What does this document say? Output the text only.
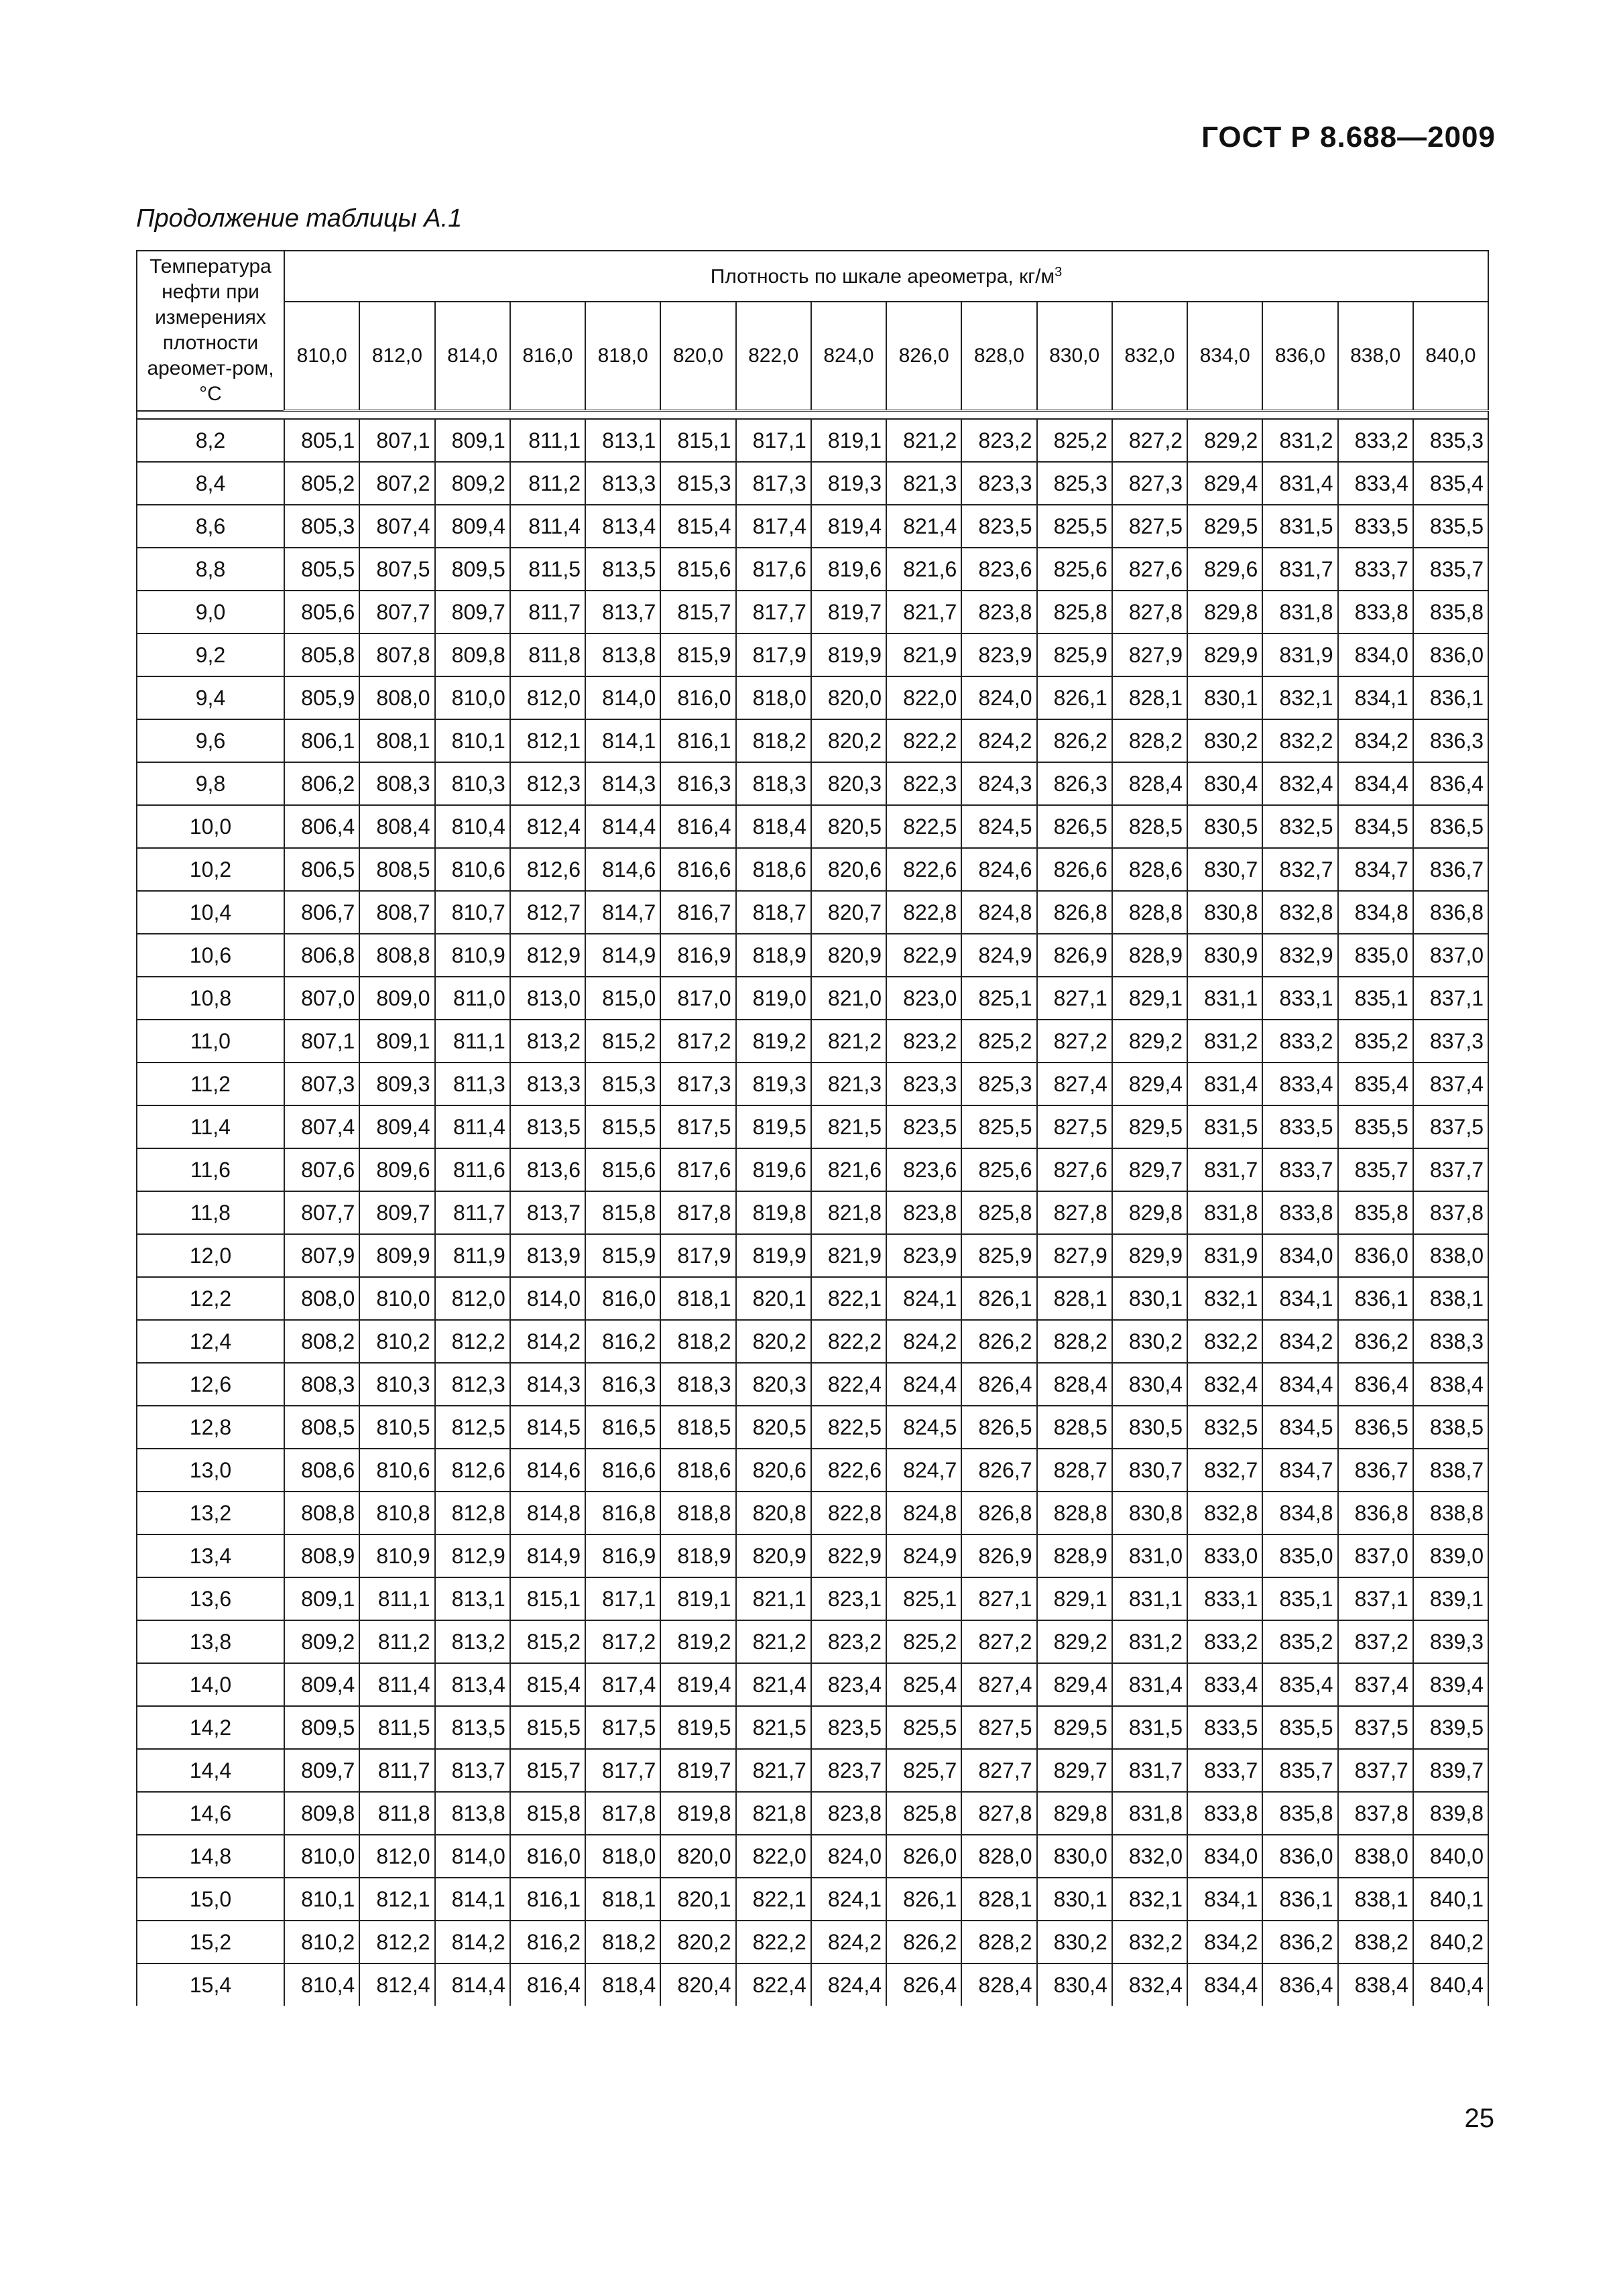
ГОСТ Р 8.688—2009
Продолжение таблицы А.1
Температура нефти при измерениях плотности ареомет-ром, °С	Плотность по шкале ареометра, $кг/м^3$
	810,0	812,0	814,0	816,0	818,0	820,0	822,0	824,0	826,0	828,0	830,0	832,0	834,0	836,0	838,0	840,0

8,2	805,1	807,1	809,1	811,1	813,1	815,1	817,1	819,1	821,2	823,2	825,2	827,2	829,2	831,2	833,2	835,3
8,4	805,2	807,2	809,2	811,2	813,3	815,3	817,3	819,3	821,3	823,3	825,3	827,3	829,4	831,4	833,4	835,4
8,6	805,3	807,4	809,4	811,4	813,4	815,4	817,4	819,4	821,4	823,5	825,5	827,5	829,5	831,5	833,5	835,5
8,8	805,5	807,5	809,5	811,5	813,5	815,6	817,6	819,6	821,6	823,6	825,6	827,6	829,6	831,7	833,7	835,7
9,0	805,6	807,7	809,7	811,7	813,7	815,7	817,7	819,7	821,7	823,8	825,8	827,8	829,8	831,8	833,8	835,8
9,2	805,8	807,8	809,8	811,8	813,8	815,9	817,9	819,9	821,9	823,9	825,9	827,9	829,9	831,9	834,0	836,0
9,4	805,9	808,0	810,0	812,0	814,0	816,0	818,0	820,0	822,0	824,0	826,1	828,1	830,1	832,1	834,1	836,1
9,6	806,1	808,1	810,1	812,1	814,1	816,1	818,2	820,2	822,2	824,2	826,2	828,2	830,2	832,2	834,2	836,3
9,8	806,2	808,3	810,3	812,3	814,3	816,3	818,3	820,3	822,3	824,3	826,3	828,4	830,4	832,4	834,4	836,4
10,0	806,4	808,4	810,4	812,4	814,4	816,4	818,4	820,5	822,5	824,5	826,5	828,5	830,5	832,5	834,5	836,5
10,2	806,5	808,5	810,6	812,6	814,6	816,6	818,6	820,6	822,6	824,6	826,6	828,6	830,7	832,7	834,7	836,7
10,4	806,7	808,7	810,7	812,7	814,7	816,7	818,7	820,7	822,8	824,8	826,8	828,8	830,8	832,8	834,8	836,8
10,6	806,8	808,8	810,9	812,9	814,9	816,9	818,9	820,9	822,9	824,9	826,9	828,9	830,9	832,9	835,0	837,0
10,8	807,0	809,0	811,0	813,0	815,0	817,0	819,0	821,0	823,0	825,1	827,1	829,1	831,1	833,1	835,1	837,1
11,0	807,1	809,1	811,1	813,2	815,2	817,2	819,2	821,2	823,2	825,2	827,2	829,2	831,2	833,2	835,2	837,3
11,2	807,3	809,3	811,3	813,3	815,3	817,3	819,3	821,3	823,3	825,3	827,4	829,4	831,4	833,4	835,4	837,4
11,4	807,4	809,4	811,4	813,5	815,5	817,5	819,5	821,5	823,5	825,5	827,5	829,5	831,5	833,5	835,5	837,5
11,6	807,6	809,6	811,6	813,6	815,6	817,6	819,6	821,6	823,6	825,6	827,6	829,7	831,7	833,7	835,7	837,7
11,8	807,7	809,7	811,7	813,7	815,8	817,8	819,8	821,8	823,8	825,8	827,8	829,8	831,8	833,8	835,8	837,8
12,0	807,9	809,9	811,9	813,9	815,9	817,9	819,9	821,9	823,9	825,9	827,9	829,9	831,9	834,0	836,0	838,0
12,2	808,0	810,0	812,0	814,0	816,0	818,1	820,1	822,1	824,1	826,1	828,1	830,1	832,1	834,1	836,1	838,1
12,4	808,2	810,2	812,2	814,2	816,2	818,2	820,2	822,2	824,2	826,2	828,2	830,2	832,2	834,2	836,2	838,3
12,6	808,3	810,3	812,3	814,3	816,3	818,3	820,3	822,4	824,4	826,4	828,4	830,4	832,4	834,4	836,4	838,4
12,8	808,5	810,5	812,5	814,5	816,5	818,5	820,5	822,5	824,5	826,5	828,5	830,5	832,5	834,5	836,5	838,5
13,0	808,6	810,6	812,6	814,6	816,6	818,6	820,6	822,6	824,7	826,7	828,7	830,7	832,7	834,7	836,7	838,7
13,2	808,8	810,8	812,8	814,8	816,8	818,8	820,8	822,8	824,8	826,8	828,8	830,8	832,8	834,8	836,8	838,8
13,4	808,9	810,9	812,9	814,9	816,9	818,9	820,9	822,9	824,9	826,9	828,9	831,0	833,0	835,0	837,0	839,0
13,6	809,1	811,1	813,1	815,1	817,1	819,1	821,1	823,1	825,1	827,1	829,1	831,1	833,1	835,1	837,1	839,1
13,8	809,2	811,2	813,2	815,2	817,2	819,2	821,2	823,2	825,2	827,2	829,2	831,2	833,2	835,2	837,2	839,3
14,0	809,4	811,4	813,4	815,4	817,4	819,4	821,4	823,4	825,4	827,4	829,4	831,4	833,4	835,4	837,4	839,4
14,2	809,5	811,5	813,5	815,5	817,5	819,5	821,5	823,5	825,5	827,5	829,5	831,5	833,5	835,5	837,5	839,5
14,4	809,7	811,7	813,7	815,7	817,7	819,7	821,7	823,7	825,7	827,7	829,7	831,7	833,7	835,7	837,7	839,7
14,6	809,8	811,8	813,8	815,8	817,8	819,8	821,8	823,8	825,8	827,8	829,8	831,8	833,8	835,8	837,8	839,8
14,8	810,0	812,0	814,0	816,0	818,0	820,0	822,0	824,0	826,0	828,0	830,0	832,0	834,0	836,0	838,0	840,0
15,0	810,1	812,1	814,1	816,1	818,1	820,1	822,1	824,1	826,1	828,1	830,1	832,1	834,1	836,1	838,1	840,1
15,2	810,2	812,2	814,2	816,2	818,2	820,2	822,2	824,2	826,2	828,2	830,2	832,2	834,2	836,2	838,2	840,2
15,4	810,4	812,4	814,4	816,4	818,4	820,4	822,4	824,4	826,4	828,4	830,4	832,4	834,4	836,4	838,4	840,4
25
